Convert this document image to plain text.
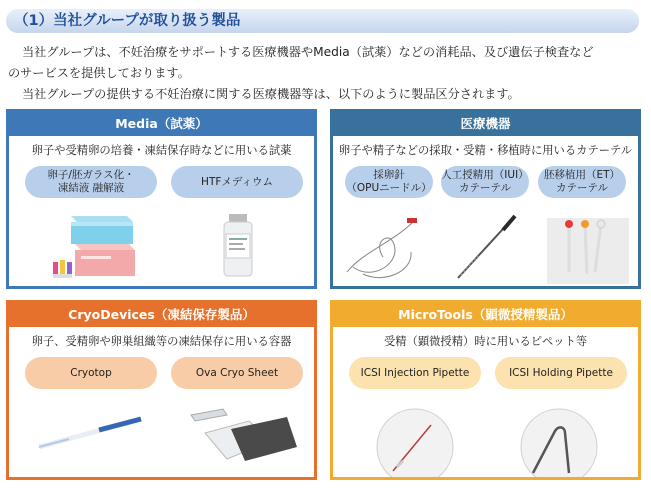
（1）当社グループが取り扱う製品

当社グループは、不妊治療をサポートする医療機器やMedia（試薬）などの消耗品、及び遺伝子検査など

のサービスを提供しております。

当社グループの提供する不妊治療に関する医療機器等は、以下のように製品区分されます。

Media（試薬）
卵子や受精卵の培養・凍結保存時などに用いる試薬
卵子/胚ガラス化・
凍結液 融解液
HTFメディウム
医療機器
卵子や精子などの採取・受精・移植時に用いるカテーテル
採卵針
（OPUニードル）
人工授精用（IUI）
カテーテル
胚移植用（ET）
カテーテル
CryoDevices（凍結保存製品）
卵子、受精卵や卵巣組織等の凍結保存に用いる容器
Cryotop	Ova Cryo Sheet
MicroTools（顕微授精製品）
受精（顕微授精）時に用いるピペット等
ICSI Injection Pipette	ICSI Holding Pipette
